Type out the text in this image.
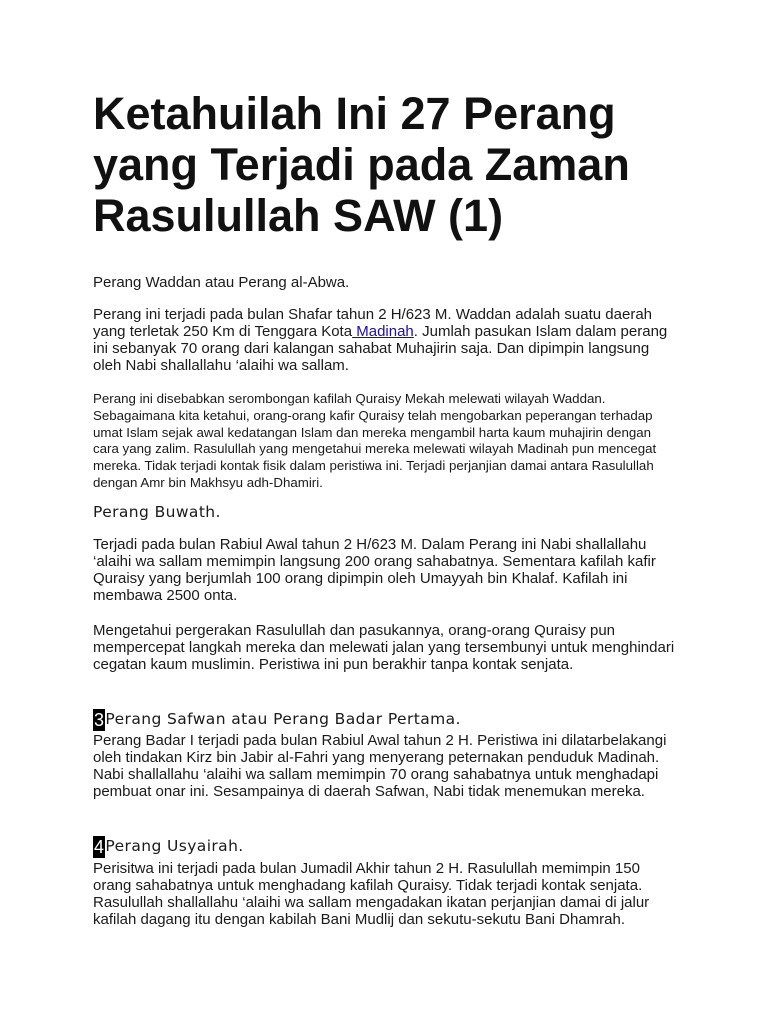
Ketahuilah Ini 27 Perang yang Terjadi pada Zaman Rasulullah SAW (1)

Perang Waddan atau Perang al-Abwa.

Perang ini terjadi pada bulan Shafar tahun 2 H/623 M. Waddan adalah suatu daerah yang terletak 250 Km di Tenggara Kota Madinah. Jumlah pasukan Islam dalam perang ini sebanyak 70 orang dari kalangan sahabat Muhajirin saja. Dan dipimpin langsung oleh Nabi shallallahu ‘alaihi wa sallam.

Perang ini disebabkan serombongan kafilah Quraisy Mekah melewati wilayah Waddan. Sebagaimana kita ketahui, orang-orang kafir Quraisy telah mengobarkan peperangan terhadap umat Islam sejak awal kedatangan Islam dan mereka mengambil harta kaum muhajirin dengan cara yang zalim. Rasulullah yang mengetahui mereka melewati wilayah Madinah pun mencegat mereka. Tidak terjadi kontak fisik dalam peristiwa ini. Terjadi perjanjian damai antara Rasulullah dengan Amr bin Makhsyu adh-Dhamiri.

Perang Buwath.

Terjadi pada bulan Rabiul Awal tahun 2 H/623 M. Dalam Perang ini Nabi shallallahu ‘alaihi wa sallam memimpin langsung 200 orang sahabatnya. Sementara kafilah kafir Quraisy yang berjumlah 100 orang dipimpin oleh Umayyah bin Khalaf. Kafilah ini membawa 2500 onta.

Mengetahui pergerakan Rasulullah dan pasukannya, orang-orang Quraisy pun mempercepat langkah mereka dan melewati jalan yang tersembunyi untuk menghindari cegatan kaum muslimin. Peristiwa ini pun berakhir tanpa kontak senjata.

3Perang Safwan atau Perang Badar Pertama.

Perang Badar I terjadi pada bulan Rabiul Awal tahun 2 H. Peristiwa ini dilatarbelakangi oleh tindakan Kirz bin Jabir al-Fahri yang menyerang peternakan penduduk Madinah. Nabi shallallahu ‘alaihi wa sallam memimpin 70 orang sahabatnya untuk menghadapi pembuat onar ini. Sesampainya di daerah Safwan, Nabi tidak menemukan mereka.

4Perang Usyairah.

Perisitwa ini terjadi pada bulan Jumadil Akhir tahun 2 H. Rasulullah memimpin 150 orang sahabatnya untuk menghadang kafilah Quraisy. Tidak terjadi kontak senjata. Rasulullah shallallahu ‘alaihi wa sallam mengadakan ikatan perjanjian damai di jalur kafilah dagang itu dengan kabilah Bani Mudlij dan sekutu-sekutu Bani Dhamrah.
